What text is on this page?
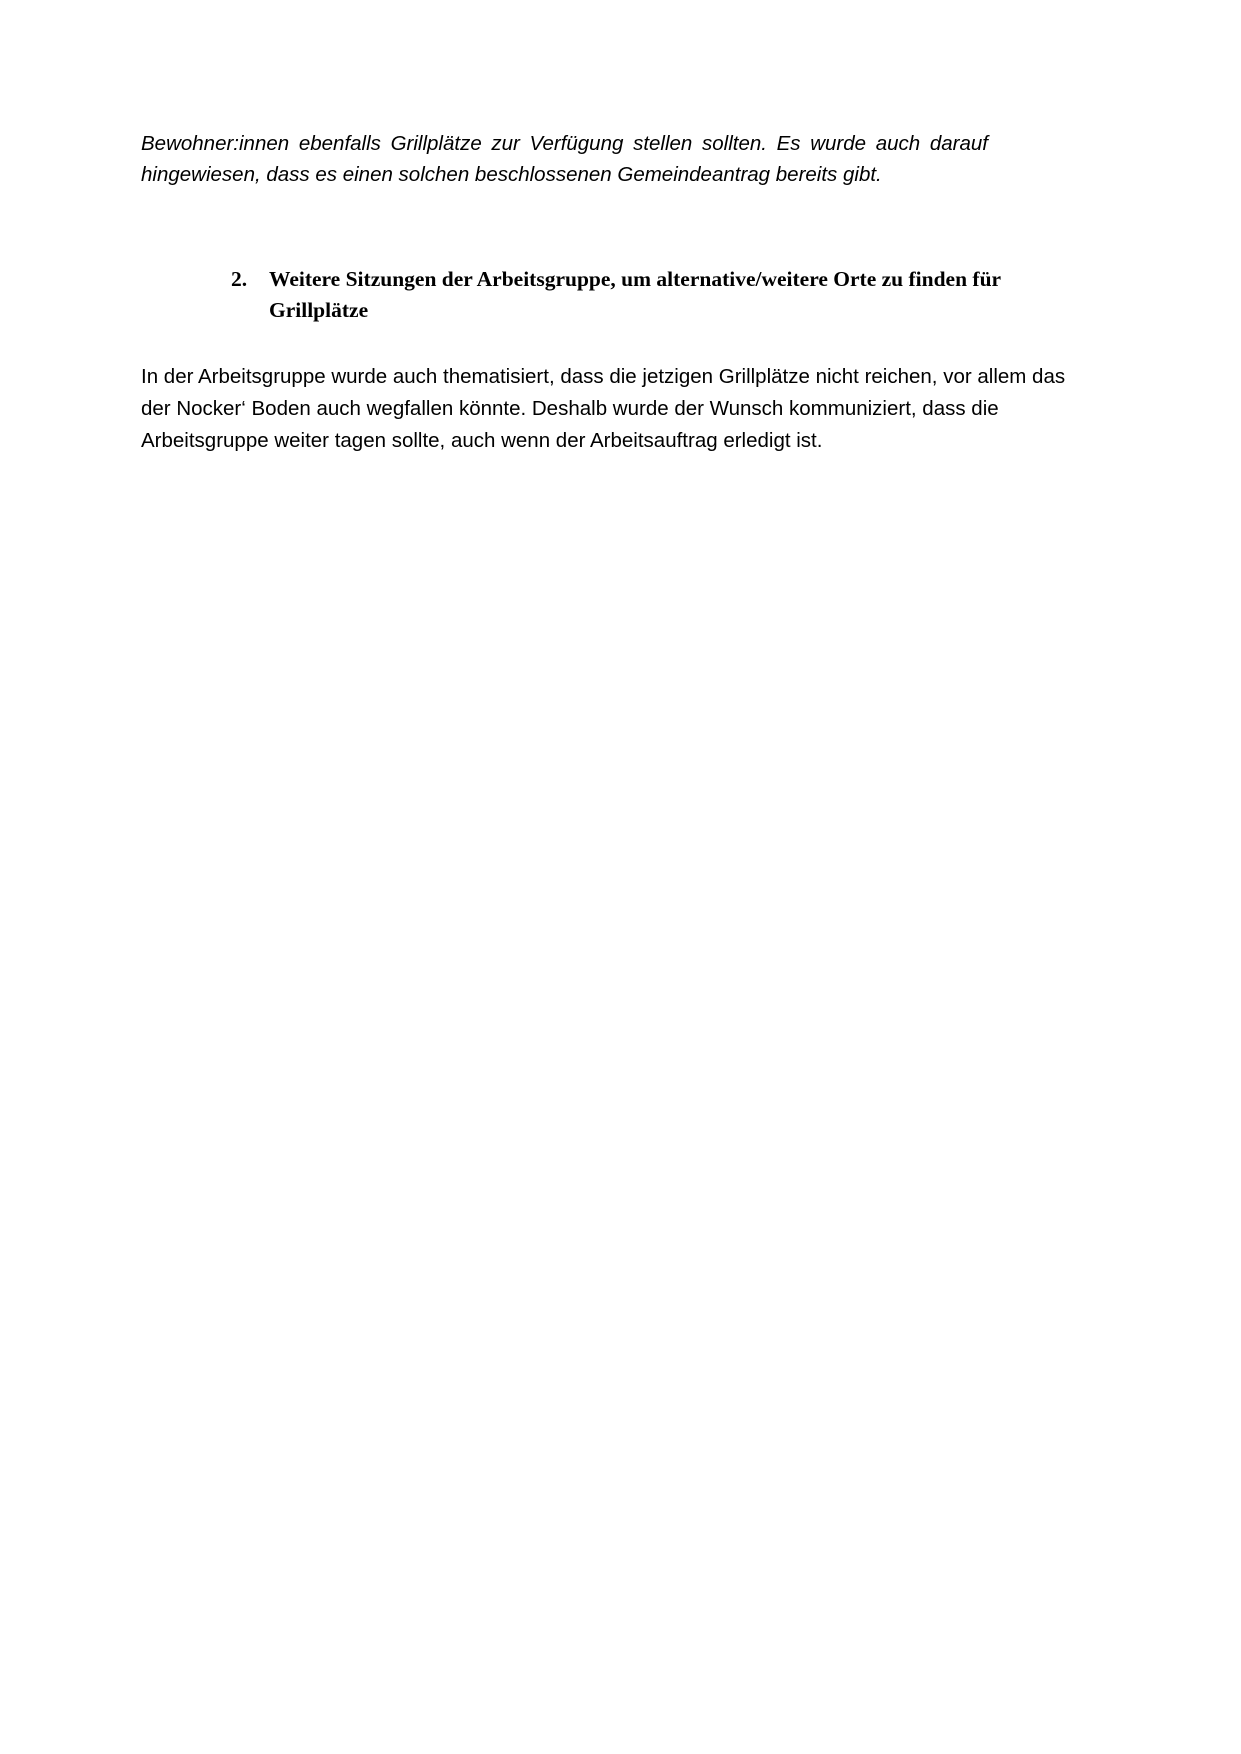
Bewohner:innen ebenfalls Grillplätze zur Verfügung stellen sollten. Es wurde auch darauf hingewiesen, dass es einen solchen beschlossenen Gemeindeantrag bereits gibt.

2.	Weitere Sitzungen der Arbeitsgruppe, um alternative/weitere Orte zu finden für Grillplätze

In der Arbeitsgruppe wurde auch thematisiert, dass die jetzigen Grillplätze nicht reichen, vor allem das der Nocker‘ Boden auch wegfallen könnte. Deshalb wurde der Wunsch kommuniziert, dass die Arbeitsgruppe weiter tagen sollte, auch wenn der Arbeitsauftrag erledigt ist.
